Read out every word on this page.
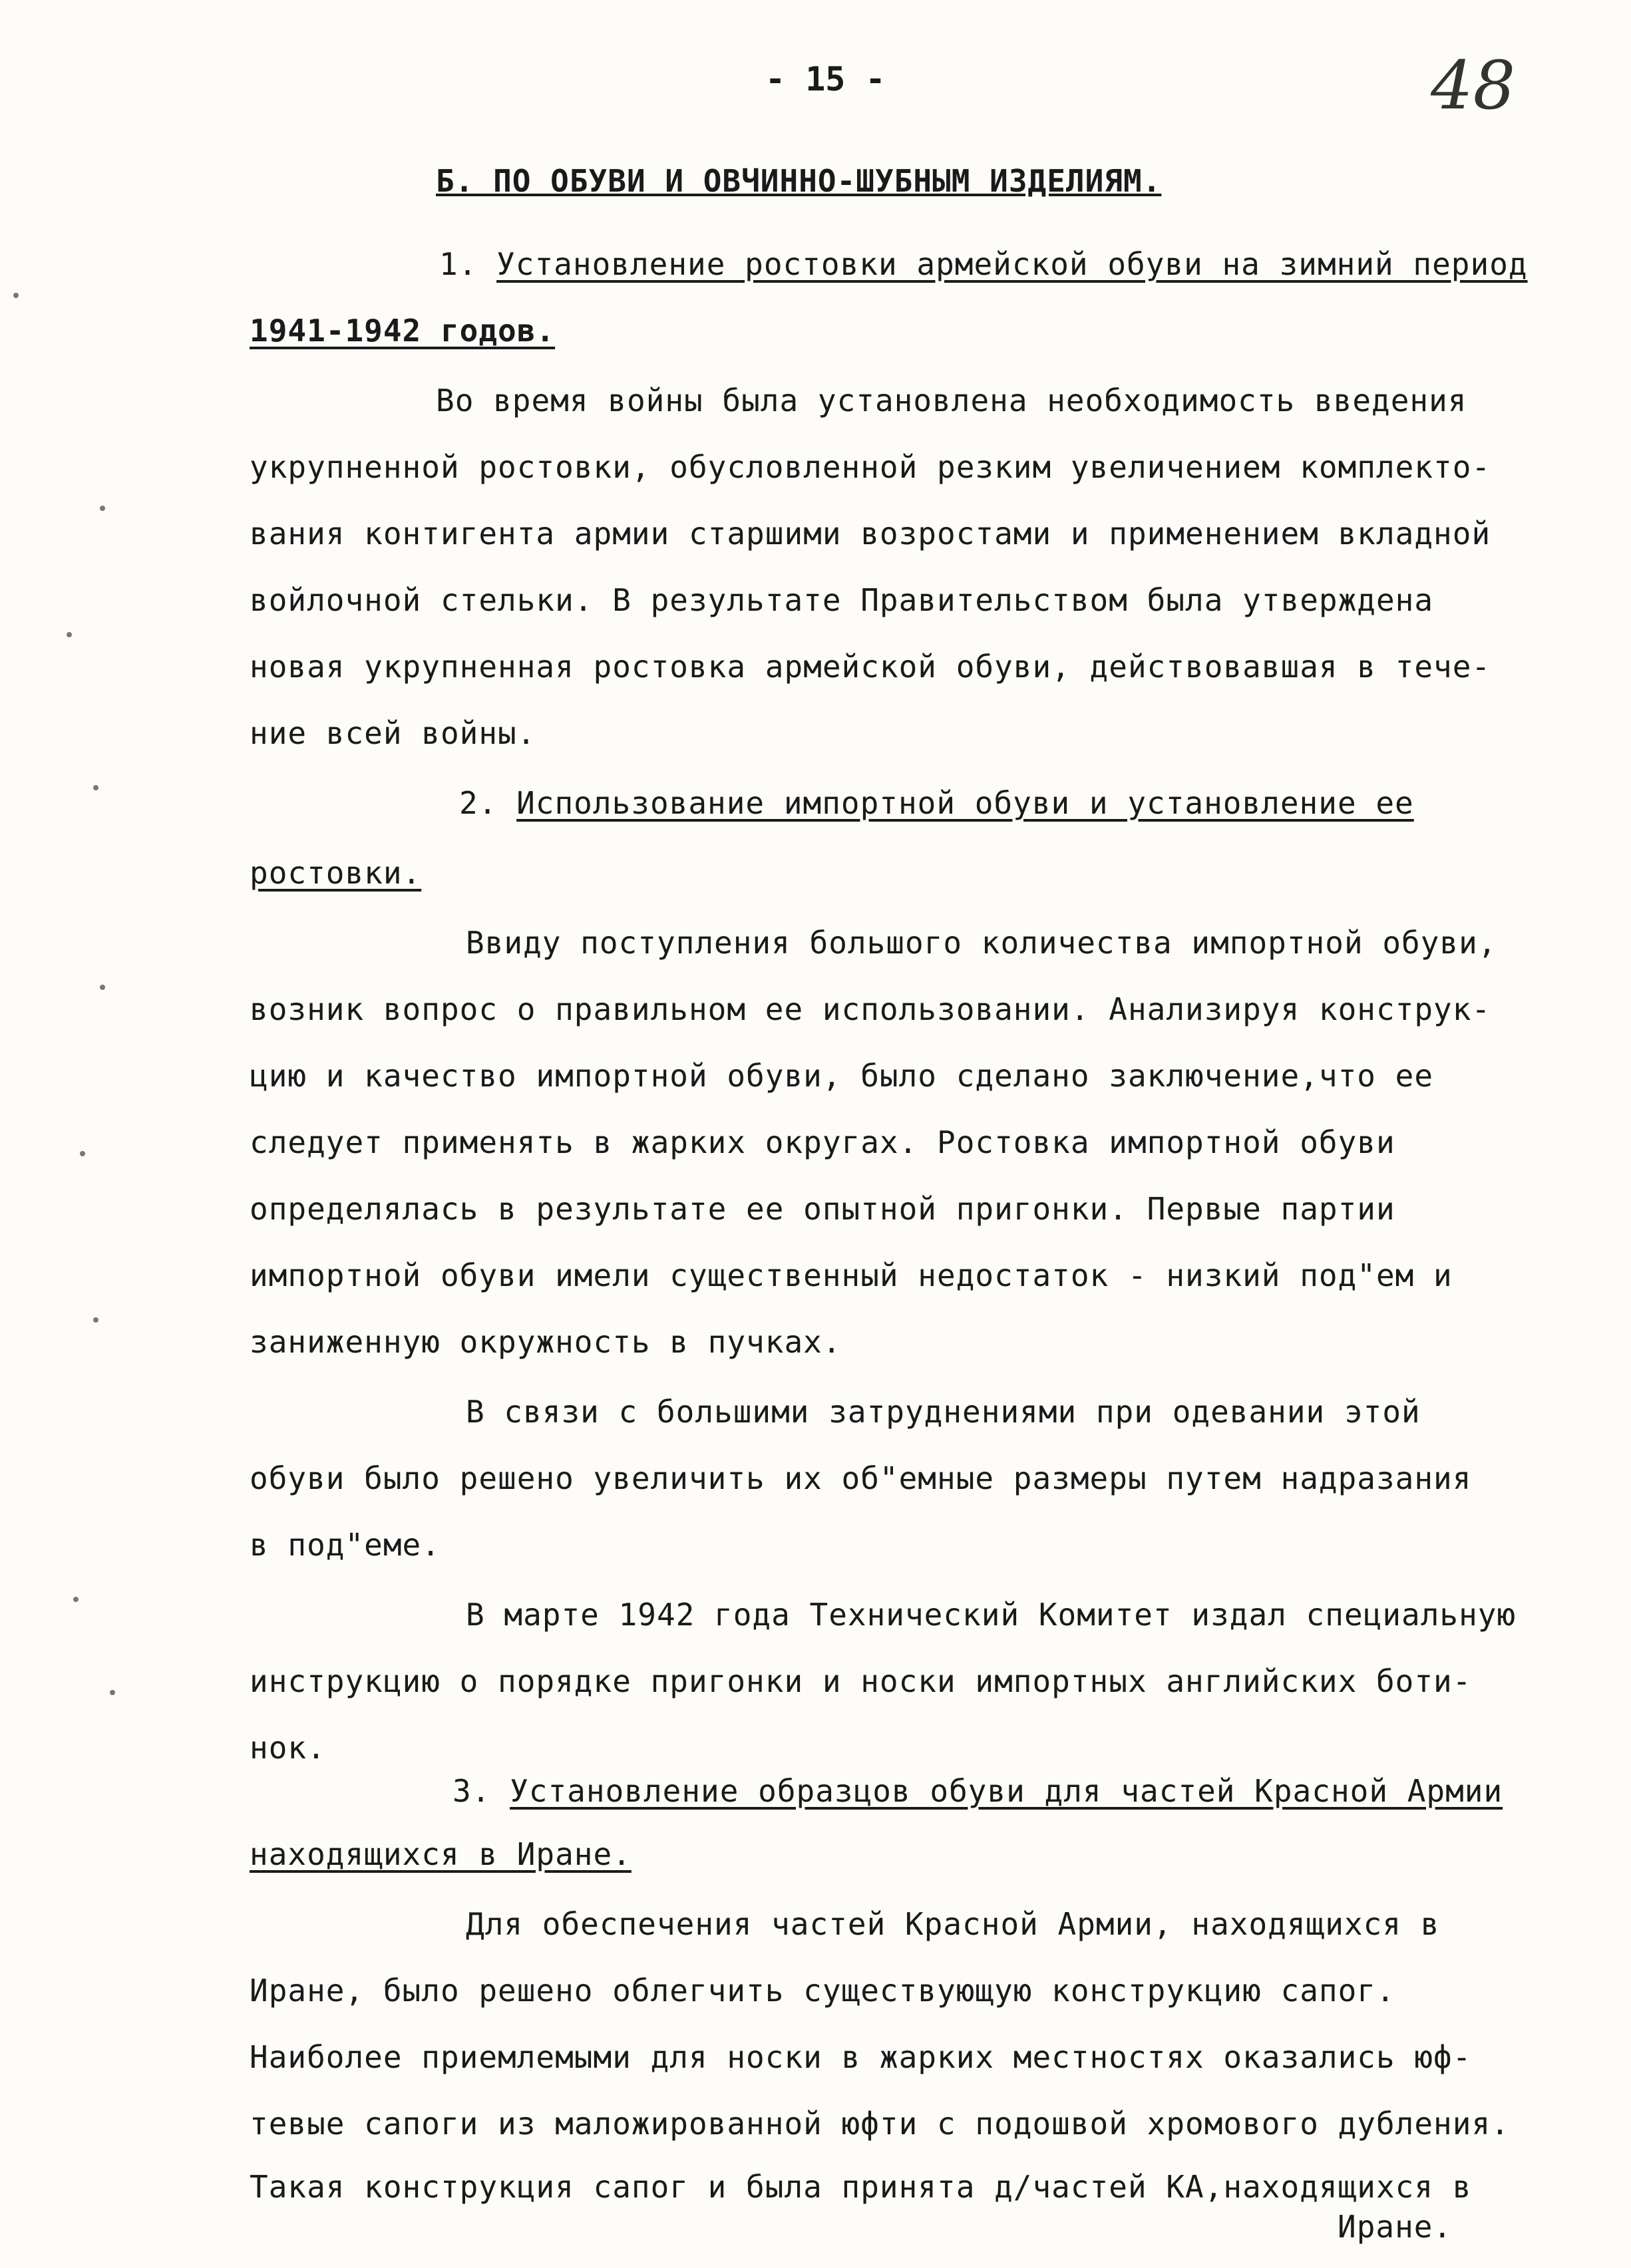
- 15 -	48
Б. ПО ОБУВИ И ОВЧИННО-ШУБНЫМ ИЗДЕЛИЯМ.
1. Установление ростовки армейской обуви на зимний период
1941-1942 годов.
Во время войны была установлена необходимость введения
укрупненной ростовки, обусловленной резким увеличением комплекто-
вания контигента армии старшими возростами и применением вкладной
войлочной стельки. В результате Правительством была утверждена
новая укрупненная ростовка армейской обуви, действовавшая в тече-
ние всей войны.
2. Использование импортной обуви и установление ее
ростовки.
Ввиду поступления большого количества импортной обуви,
возник вопрос о правильном ее использовании. Анализируя конструк-
цию и качество импортной обуви, было сделано заключение,что ее
следует применять в жарких округах. Ростовка импортной обуви
определялась в результате ее опытной пригонки. Первые партии
импортной обуви имели существенный недостаток - низкий под"ем и
заниженную окружность в пучках.
В связи с большими затруднениями при одевании этой
обуви было решено увеличить их об"емные размеры путем надразания
в под"еме.
В марте 1942 года Технический Комитет издал специальную
инструкцию о порядке пригонки и носки импортных английских боти-
нок.
3. Установление образцов обуви для частей Красной Армии
находящихся в Иране.
Для обеспечения частей Красной Армии, находящихся в
Иране, было решено облегчить существующую конструкцию сапог.
Наиболее приемлемыми для носки в жарких местностях оказались юф-
тевые сапоги из маложированной юфти с подошвой хромового дубления.
Такая конструкция сапог и была принята д/частей КА,находящихся в
Иране.
